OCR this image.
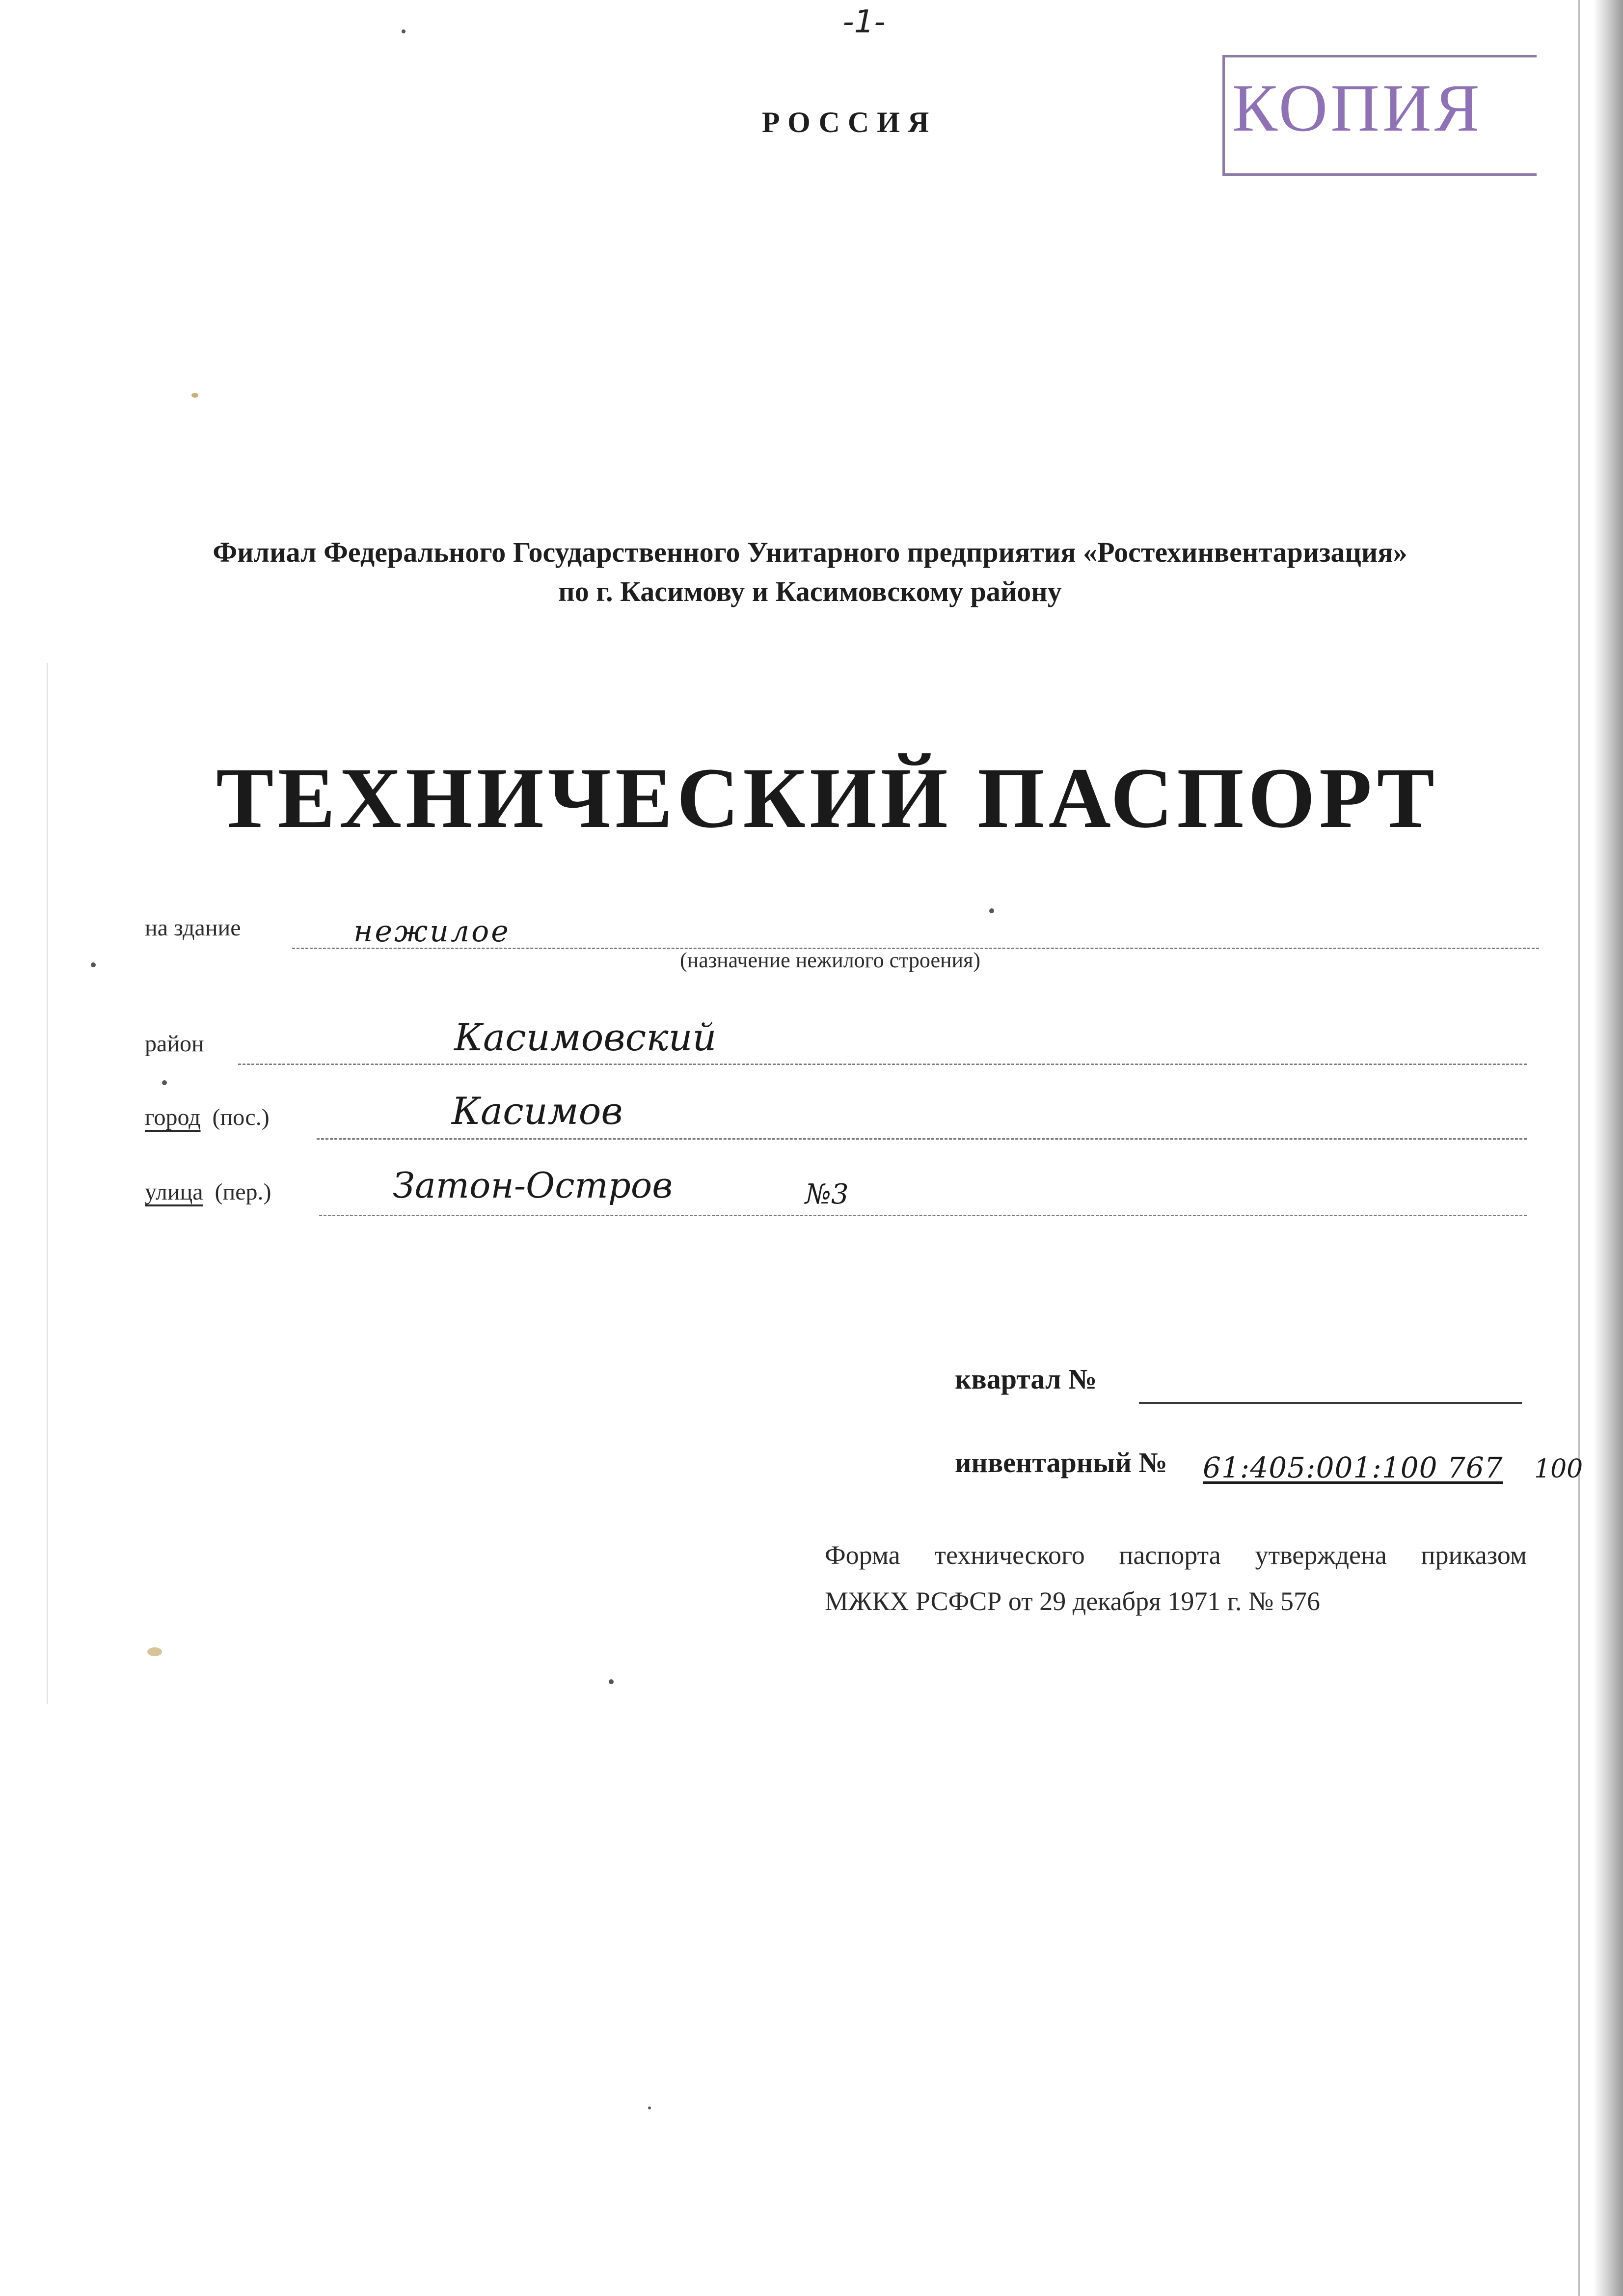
-1-
РОССИЯ	КОПИЯ
Филиал Федерального Государственного Унитарного предприятия «Ростехинвентаризация»
по г. Касимову и Касимовскому району
ТЕХНИЧЕСКИЙ ПАСПОРТ
на здание	нежилое
(назначение нежилого строения)
район	Касимовский
город (пос.)	Касимов
улица (пер.)	Затон-Остров	№3
квартал №
инвентарный № 61:405:001:100 767 100
Форма технического паспорта утверждена приказом
МЖКХ РСФСР от 29 декабря 1971 г. № 576
